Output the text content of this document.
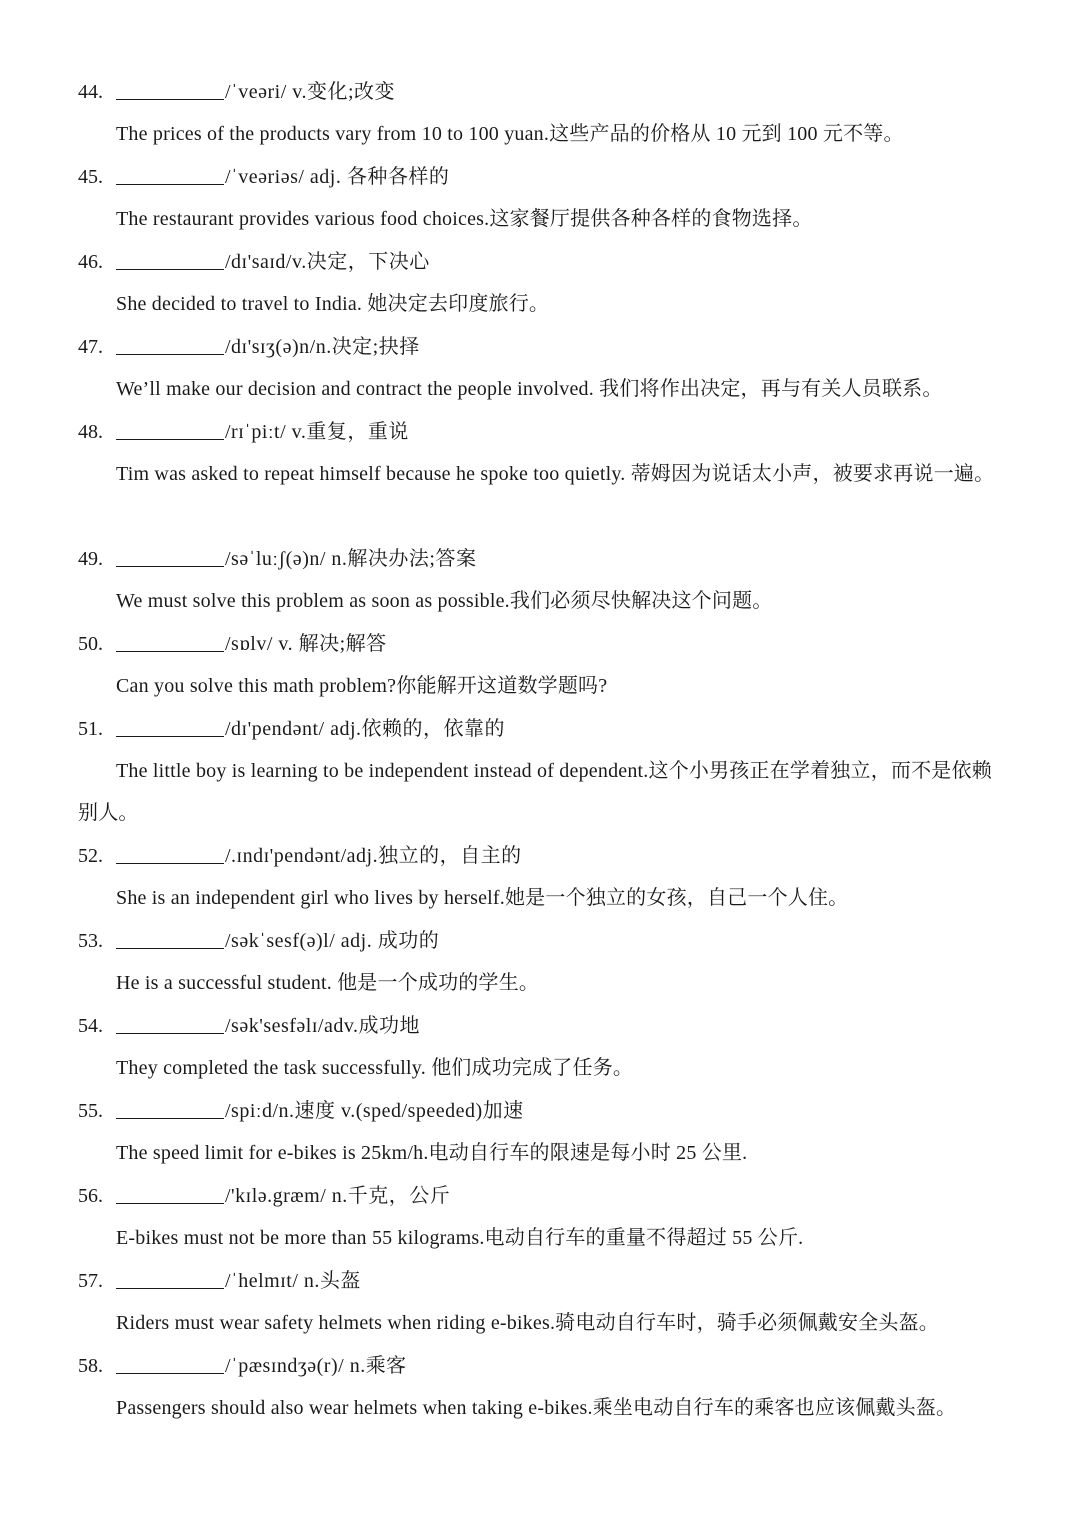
44.	/ˈveəri/ v.变化;改变
The prices of the products vary from 10 to 100 yuan.这些产品的价格从 10 元到 100 元不等。
45.	/ˈveəriəs/ adj. 各种各样的
The restaurant provides various food choices.这家餐厅提供各种各样的食物选择。
46.	/dɪ'saɪd/v.决定，下决心
She decided to travel to India. 她决定去印度旅行。
47.	/dɪ'sɪʒ(ə)n/n.决定;抉择
We’ll make our decision and contract the people involved. 我们将作出决定，再与有关人员联系。
48.	/rɪˈpiːt/ v.重复，重说
Tim was asked to repeat himself because he spoke too quietly. 蒂姆因为说话太小声，被要求再说一遍。
49.	/səˈluːʃ(ə)n/ n.解决办法;答案
We must solve this problem as soon as possible.我们必须尽快解决这个问题。
50.	/sɒlv/ v. 解决;解答
Can you solve this math problem?你能解开这道数学题吗?
51.	/dɪ'pendənt/ adj.依赖的，依靠的
The little boy is learning to be independent instead of dependent.这个小男孩正在学着独立，而不是依赖别人。
52.	/.ɪndɪ'pendənt/adj.独立的，自主的
She is an independent girl who lives by herself.她是一个独立的女孩，自己一个人住。
53.	/səkˈsesf(ə)l/ adj. 成功的
He is a successful student. 他是一个成功的学生。
54.	/sək'sesfəlɪ/adv.成功地
They completed the task successfully. 他们成功完成了任务。
55.	/spiːd/n.速度 v.(sped/speeded)加速
The speed limit for e-bikes is 25km/h.电动自行车的限速是每小时 25 公里.
56.	/'kɪlə.græm/ n.千克，公斤
E-bikes must not be more than 55 kilograms.电动自行车的重量不得超过 55 公斤.
57.	/ˈhelmɪt/ n.头盔
Riders must wear safety helmets when riding e-bikes.骑电动自行车时，骑手必须佩戴安全头盔。
58.	/ˈpæsɪndʒə(r)/ n.乘客
Passengers should also wear helmets when taking e-bikes.乘坐电动自行车的乘客也应该佩戴头盔。
